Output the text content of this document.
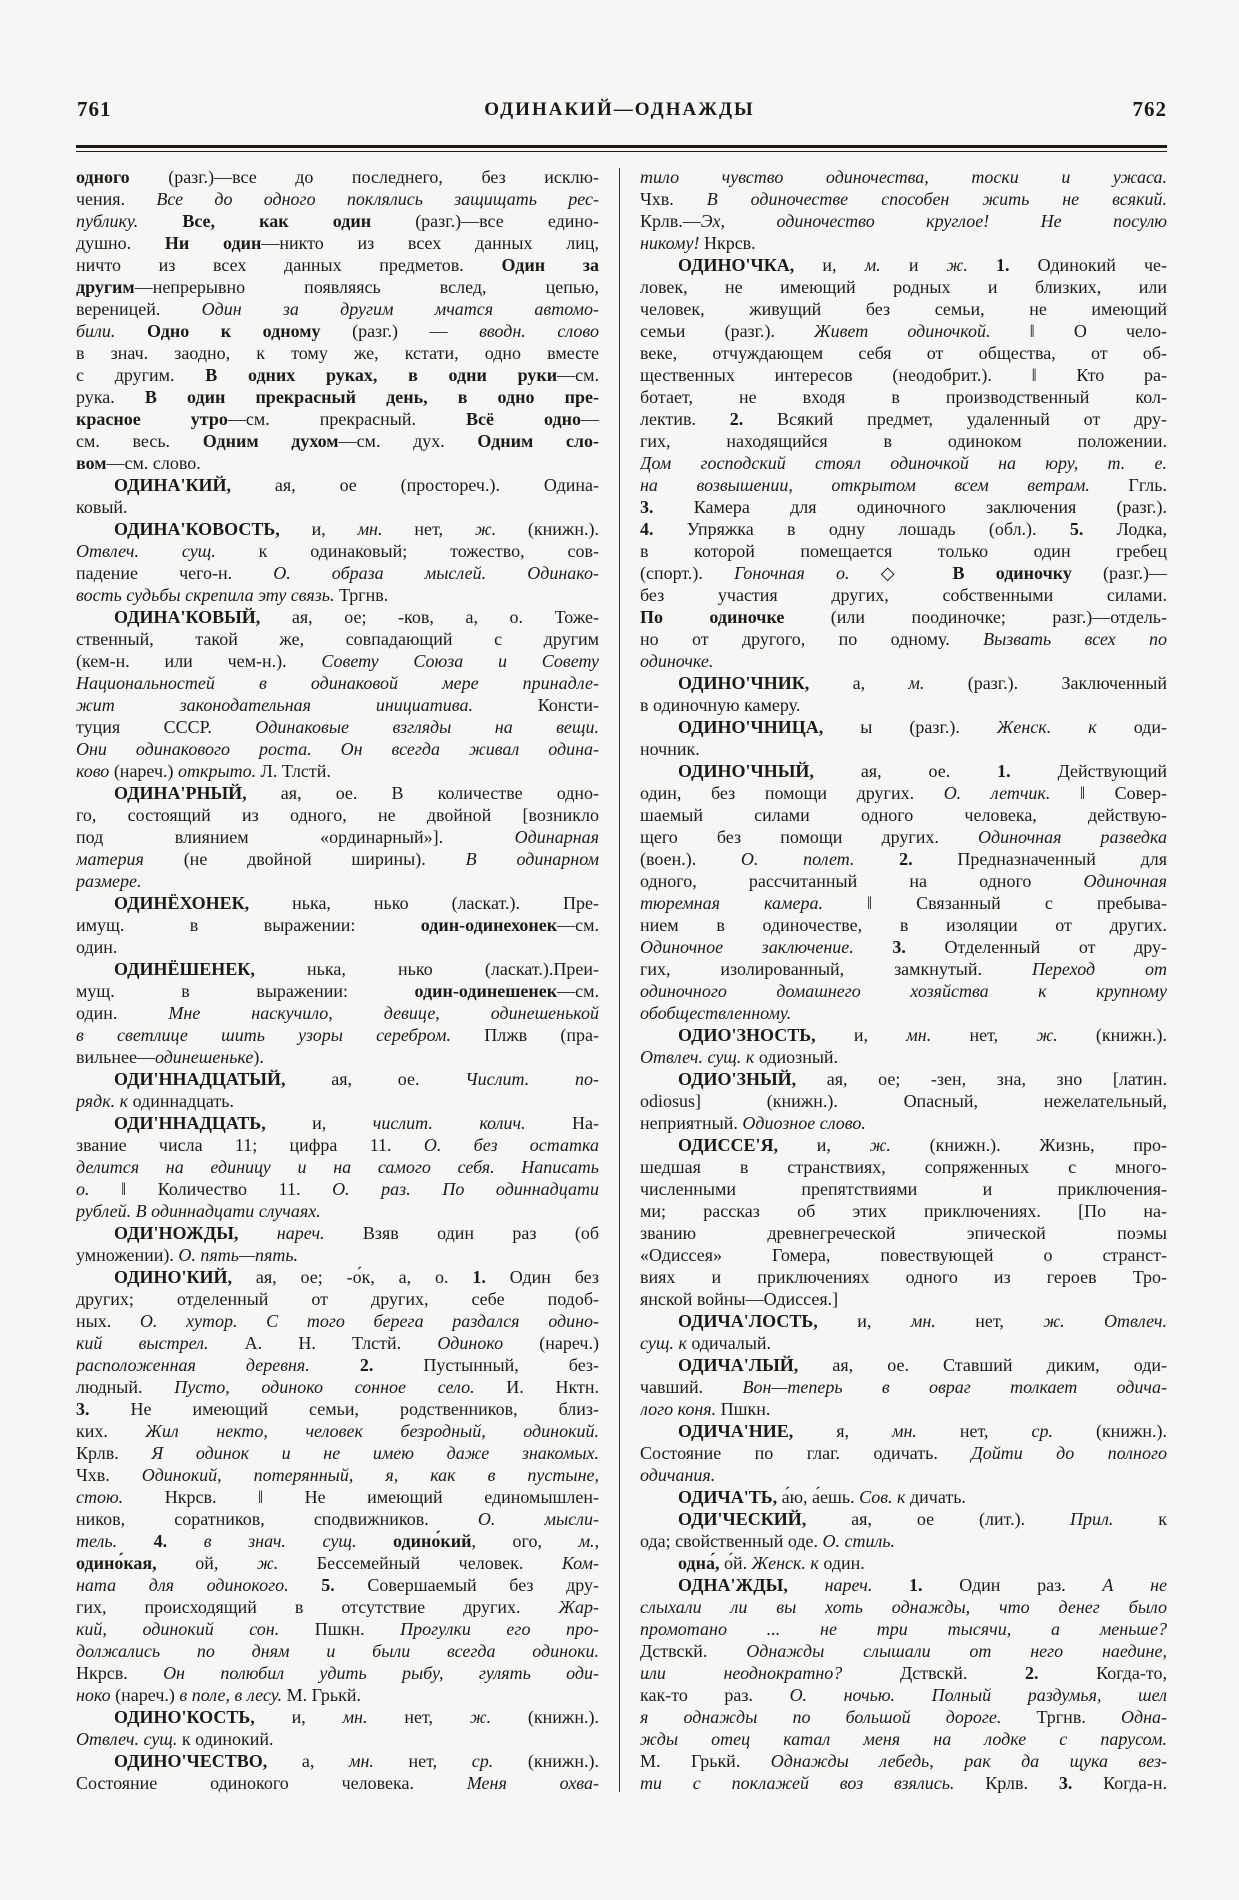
761	ОДИНАКИЙ—ОДНАЖДЫ	762
одного (разг.)—все до последнего, без исклю-
чения. Все до одного поклялись защищать рес-
публику. Все, как один (разг.)—все едино-
душно. Ни один—никто из всех данных лиц,
ничто из всех данных предметов. Один за
другим—непрерывно появляясь вслед, цепью,
вереницей. Один за другим мчатся автомо-
били. Одно к одному (разг.) — вводн. слово
в знач. заодно, к тому же, кстати, одно вместе
с другим. В одних руках, в одни руки—см.
рука. В один прекрасный день, в одно пре-
красное утро—см. прекрасный. Всё одно—
см. весь. Одним духом—см. дух. Одним сло-
вом—см. слово.
ОДИНА'КИЙ, ая, ое (простореч.). Одина-
ковый.
ОДИНА'КОВОСТЬ, и, мн. нет, ж. (книжн.).
Отвлеч. сущ. к одинаковый; тожество, сов-
падение чего-н. О. образа мыслей. Одинако-
вость судьбы скрепила эту связь. Тргнв.
ОДИНА'КОВЫЙ, ая, ое; -ков, а, о. Тоже-
ственный, такой же, совпадающий с другим
(кем-н. или чем-н.). Совету Союза и Совету
Национальностей в одинаковой мере принадле-
жит законодательная инициатива. Консти-
туция СССР. Одинаковые взгляды на вещи.
Они одинакового роста. Он всегда живал одина-
ково (нареч.) открыто. Л. Тлстй.
ОДИНА'РНЫЙ, ая, ое. В количестве одно-
го, состоящий из одного, не двойной [возникло
под влиянием «ординарный»]. Одинарная
материя (не двойной ширины). В одинарном
размере.
ОДИНЁХОНЕК, нька, нько (ласкат.). Пре-
имущ. в выражении: один-одинехонек—см.
один.
ОДИНЁШЕНЕК, нька, нько (ласкат.).Преи-
мущ. в выражении: один-одинешенек—см.
один. Мне наскучило, девице, одинешенькой
в светлице шить узоры серебром. Плжв (пра-
вильнее—одинешеньке).
ОДИ'ННАДЦАТЫЙ, ая, ое. Числит. по-
рядк. к одиннадцать.
ОДИ'ННАДЦАТЬ, и, числит. колич. На-
звание числа 11; цифра 11. О. без остатка
делится на единицу и на самого себя. Написать
о. ‖ Количество 11. О. раз. По одиннадцати
рублей. В одиннадцати случаях.
ОДИ'НОЖДЫ, нареч. Взяв один раз (об
умножении). О. пять—пять.
ОДИНО'КИЙ, ая, ое; -о́к, а, о. 1. Один без
других; отделенный от других, себе подоб-
ных. О. хутор. С того берега раздался одино-
кий выстрел. А. Н. Тлстй. Одиноко (нареч.)
расположенная деревня.	2. Пустынный, без-
людный. Пусто, одиноко сонное село. И. Нктн.
3. Не имеющий семьи, родственников, близ-
ких. Жил некто, человек безродный, одинокий.
Крлв. Я одинок и не имею даже знакомых.
Чхв. Одинокий, потерянный, я, как в пустыне,
стою. Нкрсв. ‖ Не имеющий единомышлен-
ников, соратников, сподвижников. О. мысли-
тель. 4. в знач. сущ. одино́кий, ого, м.,
одино́кая, ой, ж. Бессемейный человек. Ком-
ната для одинокого. 5. Совершаемый без дру-
гих, происходящий в отсутствие других. Жар-
кий, одинокий сон. Пшкн. Прогулки его про-
должались по дням и были всегда одиноки.
Нкрсв. Он полюбил удить рыбу, гулять оди-
ноко (нареч.) в поле, в лесу. М. Грькй.
ОДИНО'КОСТЬ, и, мн. нет, ж. (книжн.).
Отвлеч. сущ. к одинокий.
ОДИНО'ЧЕСТВО, а, мн. нет, ср. (книжн.).
Состояние одинокого человека. Меня охва-
тило чувство одиночества, тоски и ужаса.
Чхв. В одиночестве способен жить не всякий.
Крлв.—Эх, одиночество круглое! Не посулю
никому! Нкрсв.
ОДИНО'ЧКА, и, м. и ж. 1. Одинокий че-
ловек, не имеющий родных и близких, или
человек, живущий без семьи, не имеющий
семьи (разг.). Живет одиночкой. ‖ О чело-
веке, отчуждающем себя от общества, от об-
щественных интересов (неодобрит.). ‖ Кто ра-
ботает, не входя в производственный кол-
лектив. 2. Всякий предмет, удаленный от дру-
гих, находящийся в одиноком положении.
Дом господский стоял одиночкой на юру, т. е.
на возвышении, открытом всем ветрам. Ггль.
3. Камера для одиночного заключения (разг.).
4. Упряжка в одну лошадь (обл.). 5. Лодка,
в которой помещается только один гребец
(спорт.). Гоночная о. ◇ В одиночку (разг.)—
без участия других, собственными силами.
По одиночке (или поодиночке; разг.)—отдель-
но от другого, по одному. Вызвать всех по
одиночке.
ОДИНО'ЧНИК, а, м. (разг.). Заключенный
в одиночную камеру.
ОДИНО'ЧНИЦА, ы (разг.). Женск. к оди-
ночник.
ОДИНО'ЧНЫЙ, ая, ое. 1. Действующий
один, без помощи других. О. летчик. ‖ Совер-
шаемый силами одного человека, действую-
щего без помощи других. Одиночная разведка
(воен.). О. полет. 2. Предназначенный для
одного, рассчитанный на одного Одиночная
тюремная камера. ‖ Связанный с пребыва-
нием в одиночестве, в изоляции от других.
Одиночное заключение. 3. Отделенный от дру-
гих, изолированный, замкнутый. Переход от
одиночного домашнего хозяйства к крупному
обобществленному.
ОДИО'ЗНОСТЬ, и, мн. нет, ж. (книжн.).
Отвлеч. сущ. к одиозный.
ОДИО'ЗНЫЙ, ая, ое; -зен, зна, зно [латин.
odiosus] (книжн.). Опасный, нежелательный,
неприятный. Одиозное слово.
ОДИССЕ'Я, и, ж. (книжн.). Жизнь, про-
шедшая в странствиях, сопряженных с много-
численными препятствиями и приключения-
ми; рассказ об этих приключениях. [По на-
званию древнегреческой эпической поэмы
«Одиссея» Гомера, повествующей о странст-
виях и приключениях одного из героев Тро-
янской войны—Одиссея.]
ОДИЧА'ЛОСТЬ, и, мн. нет, ж. Отвлеч.
сущ. к одичалый.
ОДИЧА'ЛЫЙ, ая, ое. Ставший диким, оди-
чавший. Вон—теперь в овраг толкает одича-
лого коня. Пшкн.
ОДИЧА'НИЕ, я, мн. нет, ср. (книжн.).
Состояние по глаг. одичать. Дойти до полного
одичания.
ОДИЧА'ТЬ, а́ю, а́ешь. Сов. к дичать.
ОДИ'ЧЕСКИЙ, ая, ое (лит.). Прил. к
ода; свойственный оде. О. стиль.
одна́, о́й. Женск. к один.
ОДНА'ЖДЫ, нареч. 1. Один раз. А не
слыхали ли вы хоть однажды, что денег было
промотано ... не три тысячи, а меньше?
Дствскй. Однажды слышали от него наедине,
или неоднократно? Дствскй. 2. Когда-то,
как-то раз. О. ночью. Полный раздумья, шел
я однажды по большой дороге. Тргнв. Одна-
жды отец катал меня на лодке с парусом.
М. Грькй. Однажды лебедь, рак да щука вез-
ти с поклажей воз взялись. Крлв. 3. Когда-н.
